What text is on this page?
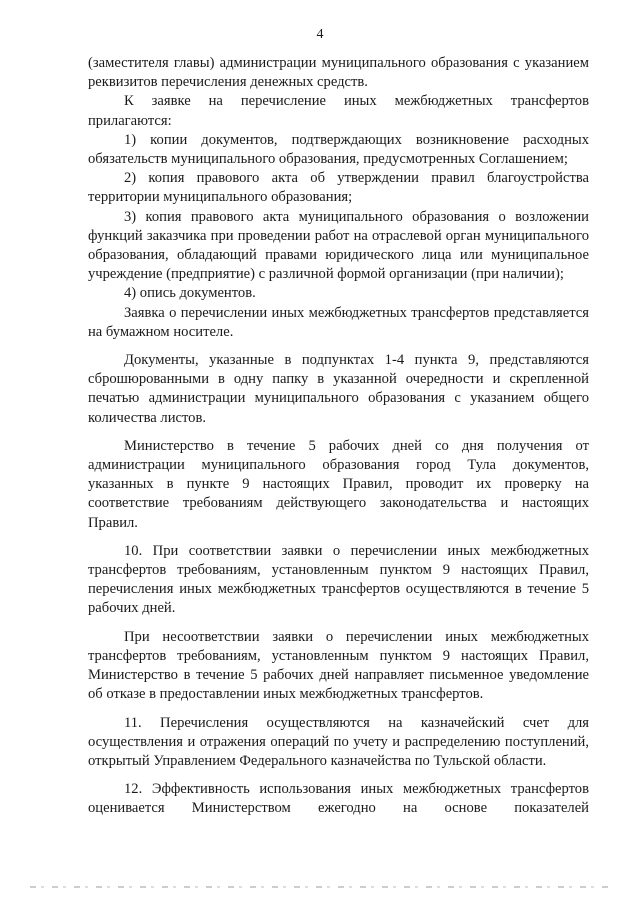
4

(заместителя главы) администрации муниципального образования с указанием реквизитов перечисления денежных средств.

К заявке на перечисление иных межбюджетных трансфертов прилагаются:

1) копии документов, подтверждающих возникновение расходных обязательств муниципального образования, предусмотренных Соглашением;

2) копия правового акта об утверждении правил благоустройства территории муниципального образования;

3) копия правового акта муниципального образования о возложении функций заказчика при проведении работ на отраслевой орган муниципального образования, обладающий правами юридического лица или муниципальное учреждение (предприятие) с различной формой организации (при наличии);

4) опись документов.

Заявка о перечислении иных межбюджетных трансфертов представляется на бумажном носителе.

Документы, указанные в подпунктах 1-4 пункта 9, представляются сброшюрованными в одну папку в указанной очередности и скрепленной печатью администрации муниципального образования с указанием общего количества листов.

Министерство в течение 5 рабочих дней со дня получения от администрации муниципального образования город Тула документов, указанных в пункте 9 настоящих Правил, проводит их проверку на соответствие требованиям действующего законодательства и настоящих Правил.

10. При соответствии заявки о перечислении иных межбюджетных трансфертов требованиям, установленным пунктом 9 настоящих Правил, перечисления иных межбюджетных трансфертов осуществляются в течение 5 рабочих дней.

При несоответствии заявки о перечислении иных межбюджетных трансфертов требованиям, установленным пунктом 9 настоящих Правил, Министерство в течение 5 рабочих дней направляет письменное уведомление об отказе в предоставлении иных межбюджетных трансфертов.

11. Перечисления осуществляются на казначейский счет для осуществления и отражения операций по учету и распределению поступлений, открытый Управлением Федерального казначейства по Тульской области.

12. Эффективность использования иных межбюджетных трансфертов оценивается Министерством ежегодно на основе показателей
